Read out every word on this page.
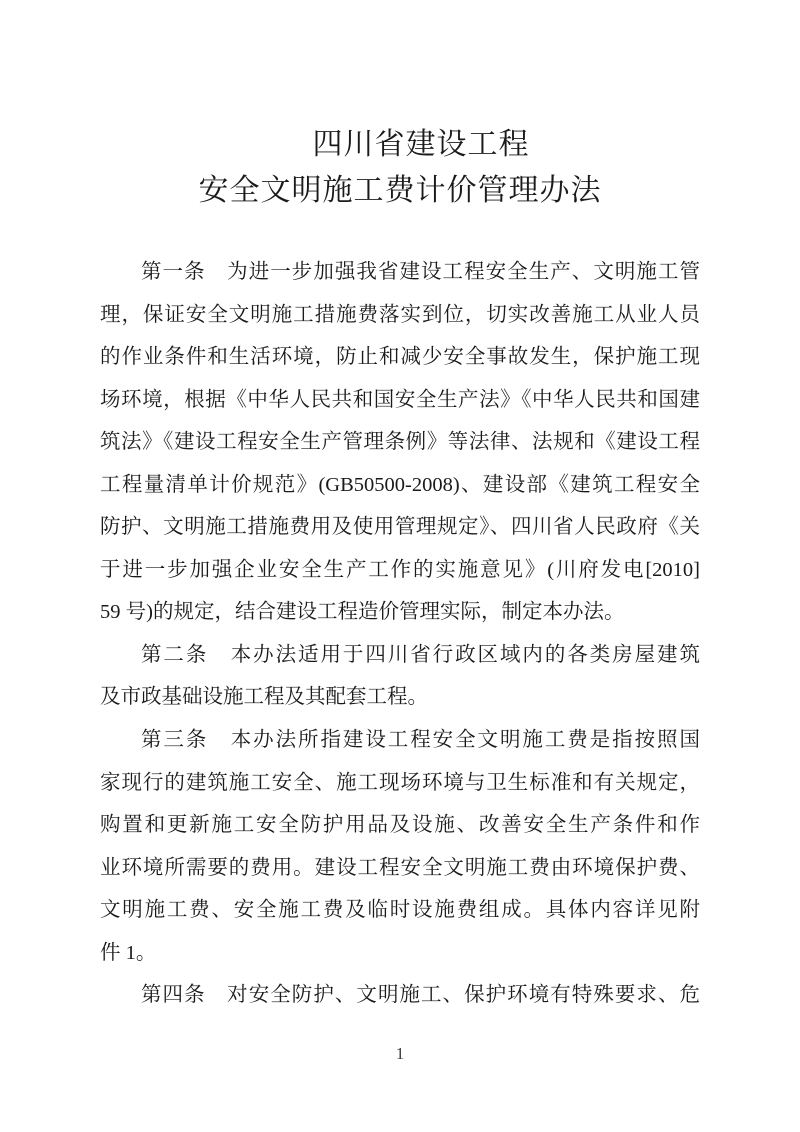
四川省建设工程
安全文明施工费计价管理办法
第一条　为进一步加强我省建设工程安全生产、文明施工管
理，保证安全文明施工措施费落实到位，切实改善施工从业人员
的作业条件和生活环境，防止和减少安全事故发生，保护施工现
场环境，根据《中华人民共和国安全生产法》《中华人民共和国建
筑法》《建设工程安全生产管理条例》等法律、法规和《建设工程
工程量清单计价规范》(GB50500-2008)、建设部《建筑工程安全
防护、文明施工措施费用及使用管理规定》、四川省人民政府《关
于进一步加强企业安全生产工作的实施意见》(川府发电[2010]
59 号)的规定，结合建设工程造价管理实际，制定本办法。
第二条　本办法适用于四川省行政区域内的各类房屋建筑
及市政基础设施工程及其配套工程。
第三条　本办法所指建设工程安全文明施工费是指按照国
家现行的建筑施工安全、施工现场环境与卫生标准和有关规定，
购置和更新施工安全防护用品及设施、改善安全生产条件和作
业环境所需要的费用。建设工程安全文明施工费由环境保护费、
文明施工费、安全施工费及临时设施费组成。具体内容详见附
件 1。
第四条　对安全防护、文明施工、保护环境有特殊要求、危
1
